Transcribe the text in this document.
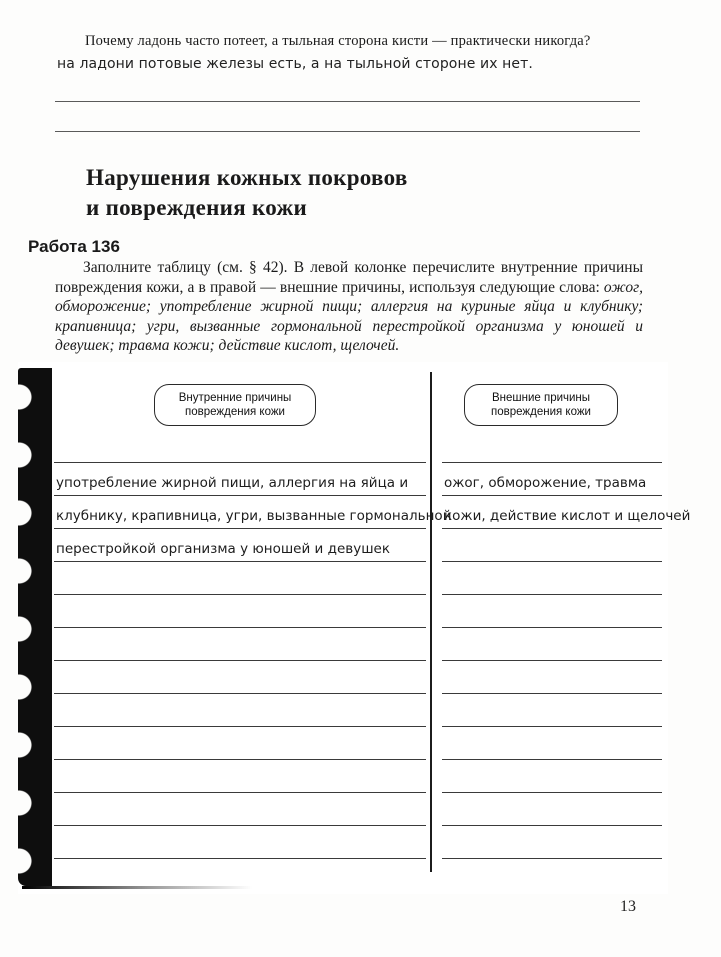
Почему ладонь часто потеет, а тыльная сторона кисти — практически никогда?
на ладони потовые железы есть, а на тыльной стороне их нет.
Нарушения кожных покровов
и повреждения кожи
Работа 136

Заполните таблицу (см. § 42). В левой колонке перечислите внутренние причины повреждения кожи, а в правой — внешние причины, используя следующие слова: ожог, обморожение; употребление жирной пищи; аллергия на куриные яйца и клубнику; крапивница; угри, вызванные гормональной перестройкой организма у юношей и девушек; травма кожи; действие кислот, щелочей.

Внутренние причины
повреждения кожи
Внешние причины
повреждения кожи
употребление жирной пищи, аллергия на яйца и
клубнику, крапивница, угри, вызванные гормональной
перестройкой организма у юношей и девушек
ожог, обморожение, травма
кожи, действие кислот и щелочей
13
